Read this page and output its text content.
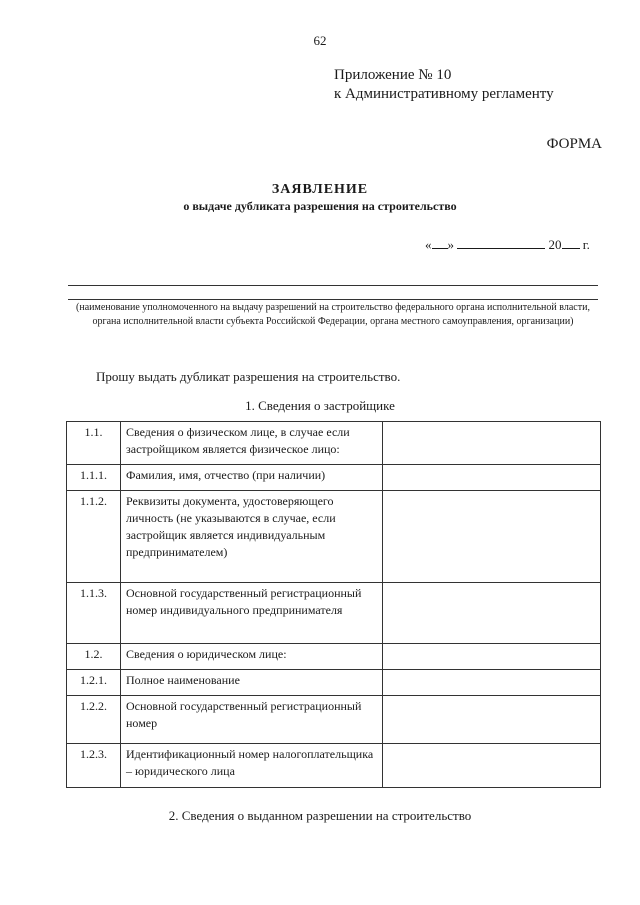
62
Приложение № 10
к Административному регламенту
ФОРМА
ЗАЯВЛЕНИЕ
о выдаче дубликата разрешения на строительство
« »	20 г.
(наименование уполномоченного на выдачу разрешений на строительство федерального органа исполнительной власти, органа исполнительной власти субъекта Российской Федерации, органа местного самоуправления, организации)
Прошу выдать дубликат разрешения на строительство.
1. Сведения о застройщике
1.1.	Сведения о физическом лице, в случае если застройщиком является физическое лицо:	
1.1.1.	Фамилия, имя, отчество (при наличии)	
1.1.2.	Реквизиты документа, удостоверяющего личность (не указываются в случае, если застройщик является индивидуальным предпринимателем)	
1.1.3.	Основной государственный регистрационный номер индивидуального предпринимателя	
1.2.	Сведения о юридическом лице:	
1.2.1.	Полное наименование	
1.2.2.	Основной государственный регистрационный номер	
1.2.3.	Идентификационный номер налогоплательщика – юридического лица	
2. Сведения о выданном разрешении на строительство
